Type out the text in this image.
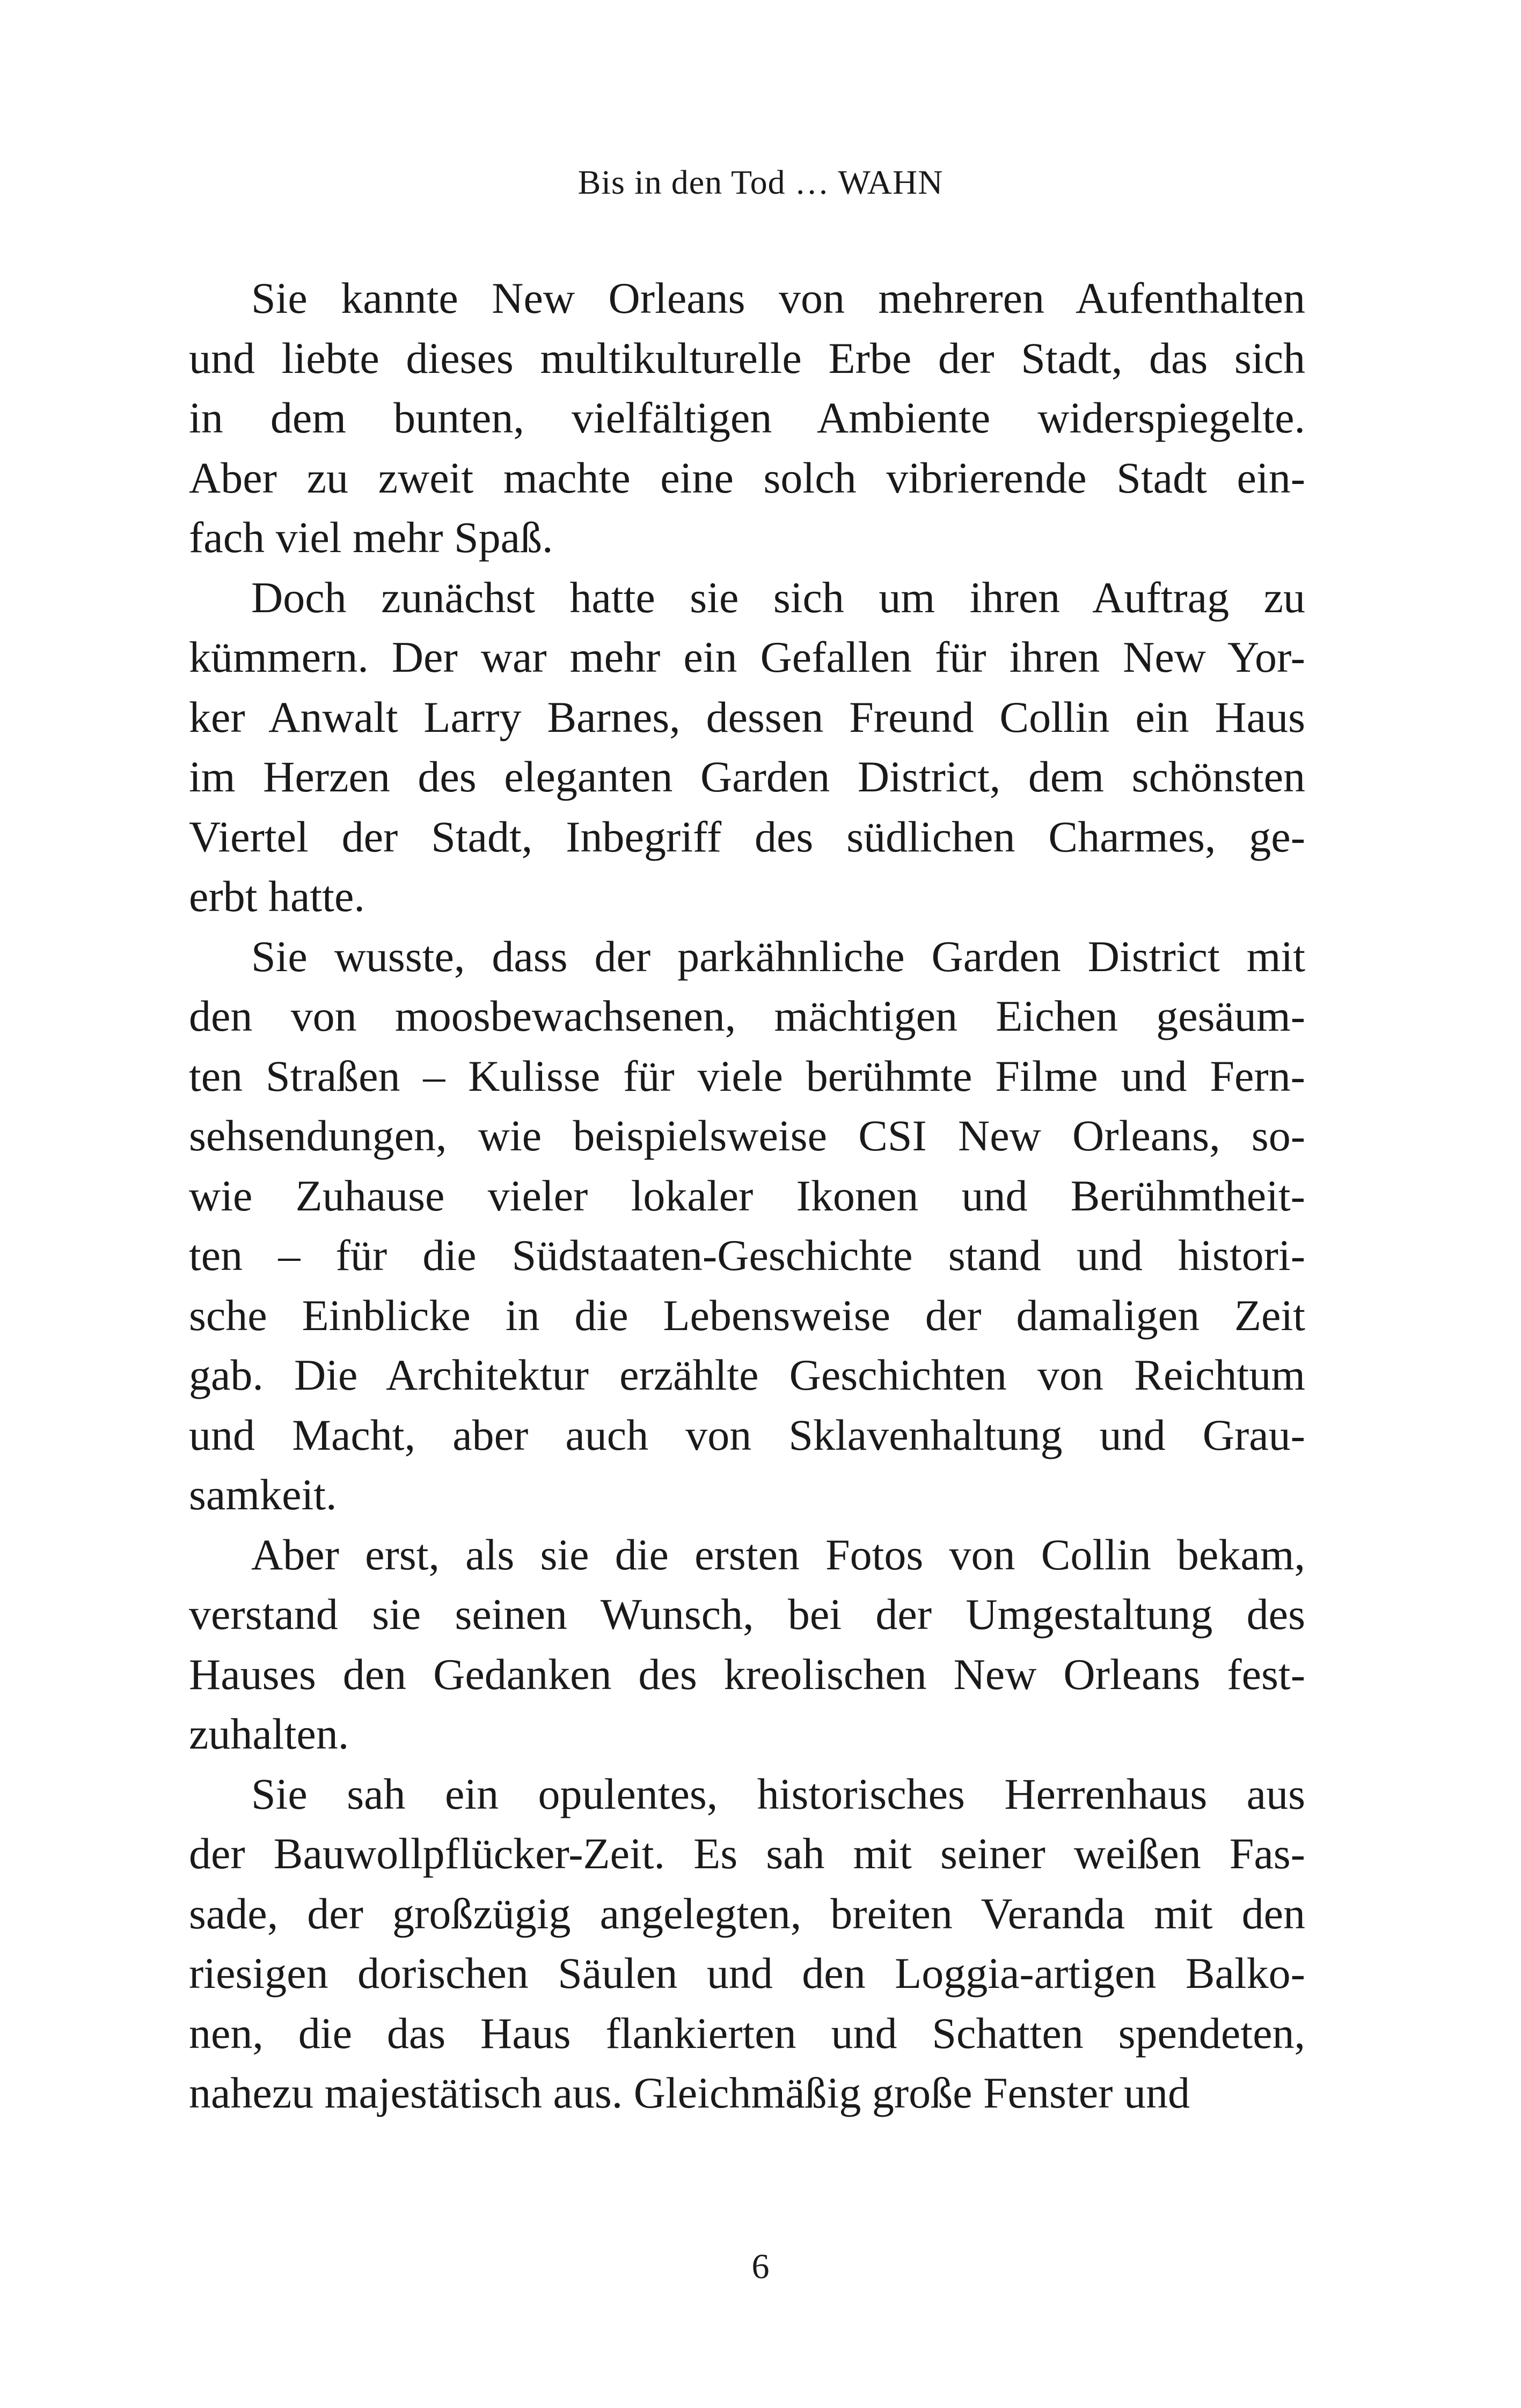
Bis in den Tod … WAHN
Sie kannte New Orleans von mehreren Aufenthalten
und liebte dieses multikulturelle Erbe der Stadt, das sich
in dem bunten, vielfältigen Ambiente widerspiegelte.
Aber zu zweit machte eine solch vibrierende Stadt ein-
fach viel mehr Spaß.
Doch zunächst hatte sie sich um ihren Auftrag zu
kümmern. Der war mehr ein Gefallen für ihren New Yor-
ker Anwalt Larry Barnes, dessen Freund Collin ein Haus
im Herzen des eleganten Garden District, dem schönsten
Viertel der Stadt, Inbegriff des südlichen Charmes, ge-
erbt hatte.
Sie wusste, dass der parkähnliche Garden District mit
den von moosbewachsenen, mächtigen Eichen gesäum-
ten Straßen – Kulisse für viele berühmte Filme und Fern-
sehsendungen, wie beispielsweise CSI New Orleans, so-
wie Zuhause vieler lokaler Ikonen und Berühmtheit-
ten – für die Südstaaten-Geschichte stand und histori-
sche Einblicke in die Lebensweise der damaligen Zeit
gab. Die Architektur erzählte Geschichten von Reichtum
und Macht, aber auch von Sklavenhaltung und Grau-
samkeit.
Aber erst, als sie die ersten Fotos von Collin bekam,
verstand sie seinen Wunsch, bei der Umgestaltung des
Hauses den Gedanken des kreolischen New Orleans fest-
zuhalten.
Sie sah ein opulentes, historisches Herrenhaus aus
der Bauwollpflücker-Zeit. Es sah mit seiner weißen Fas-
sade, der großzügig angelegten, breiten Veranda mit den
riesigen dorischen Säulen und den Loggia-artigen Balko-
nen, die das Haus flankierten und Schatten spendeten,
nahezu majestätisch aus. Gleichmäßig große Fenster und
6
